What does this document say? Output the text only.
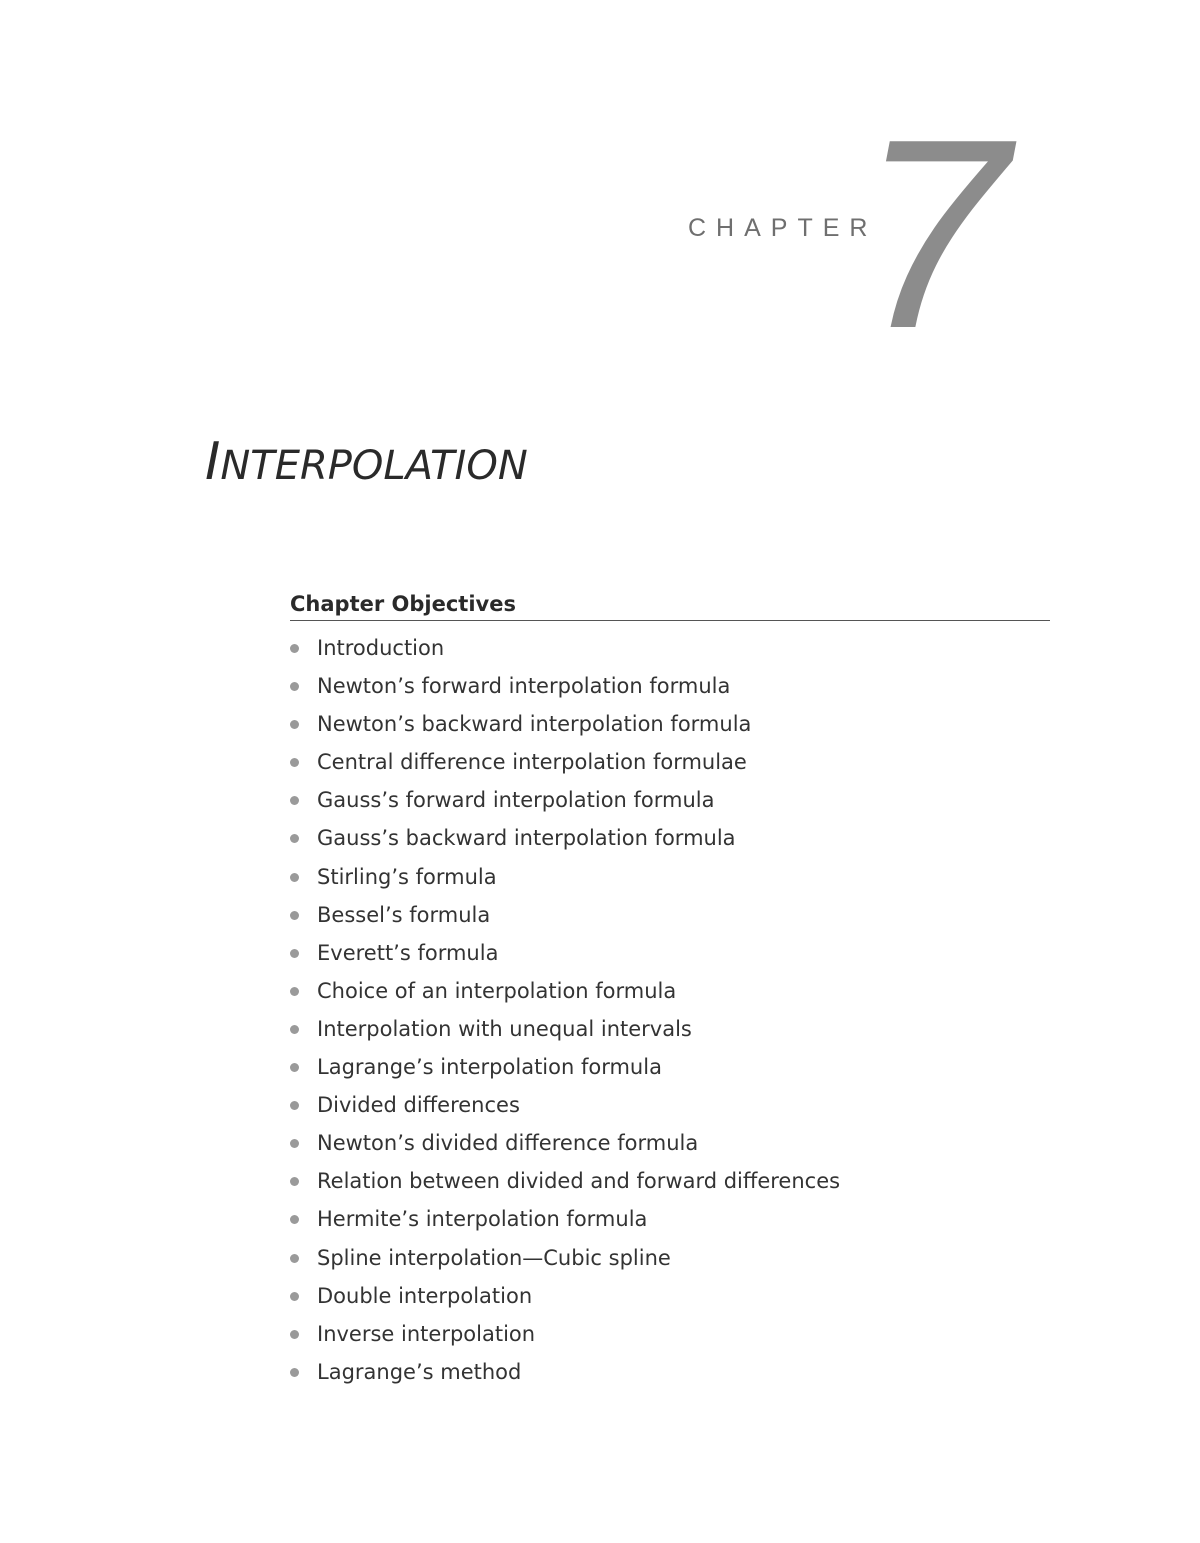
CHAPTER
7
INTERPOLATION
Chapter Objectives
Introduction
Newton’s forward interpolation formula
Newton’s backward interpolation formula
Central difference interpolation formulae
Gauss’s forward interpolation formula
Gauss’s backward interpolation formula
Stirling’s formula
Bessel’s formula
Everett’s formula
Choice of an interpolation formula
Interpolation with unequal intervals
Lagrange’s interpolation formula
Divided differences
Newton’s divided difference formula
Relation between divided and forward differences
Hermite’s interpolation formula
Spline interpolation—Cubic spline
Double interpolation
Inverse interpolation
Lagrange’s method
